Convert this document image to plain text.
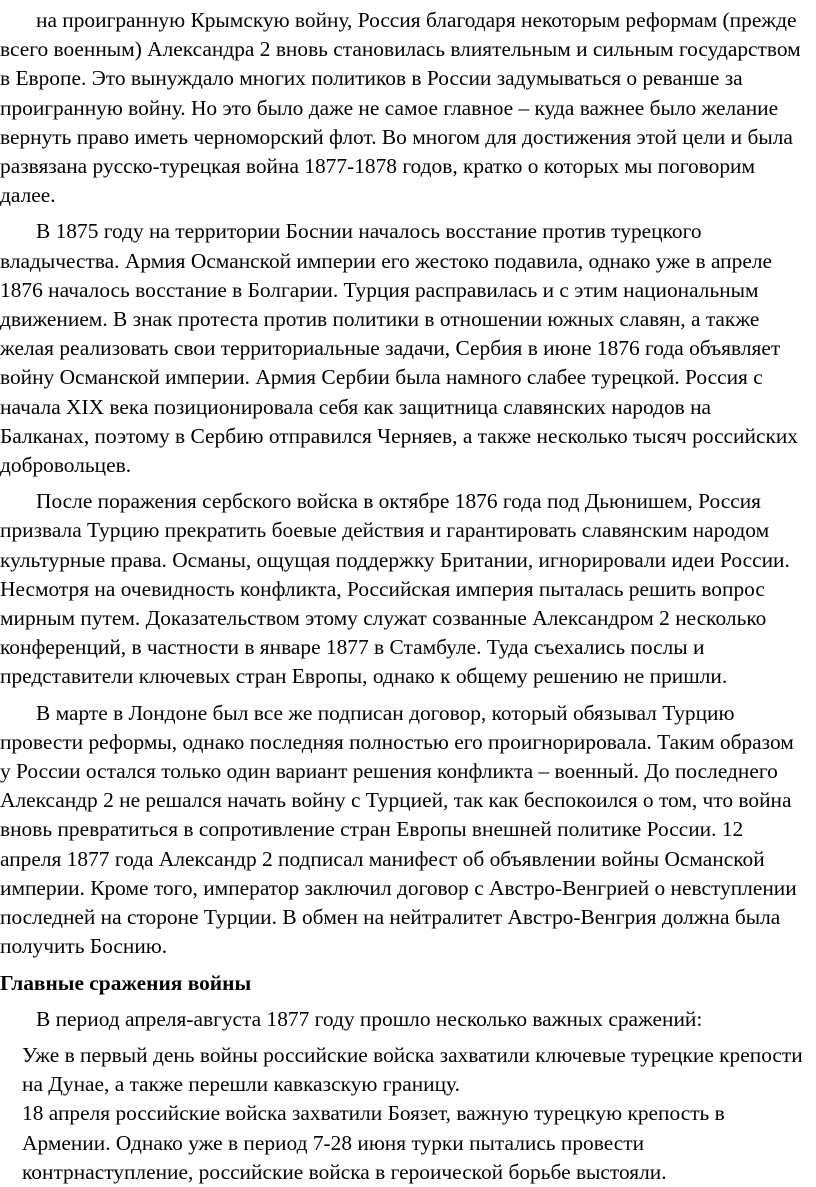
на проигранную Крымскую войну, Россия благодаря некоторым реформам (прежде всего военным) Александра 2 вновь становилась влиятельным и сильным государством в Европе. Это вынуждало многих политиков в России задумываться о реванше за проигранную войну. Но это было даже не самое главное – куда важнее было желание вернуть право иметь черноморский флот. Во многом для достижения этой цели и была развязана русско-турецкая война 1877-1878 годов, кратко о которых мы поговорим далее.

В 1875 году на территории Боснии началось восстание против турецкого владычества. Армия Османской империи его жестоко подавила, однако уже в апреле 1876 началось восстание в Болгарии. Турция расправилась и с этим национальным движением. В знак протеста против политики в отношении южных славян, а также желая реализовать свои территориальные задачи, Сербия в июне 1876 года объявляет войну Османской империи. Армия Сербии была намного слабее турецкой. Россия с начала XIX века позиционировала себя как защитница славянских народов на Балканах, поэтому в Сербию отправился Черняев, а также несколько тысяч российских добровольцев.

После поражения сербского войска в октябре 1876 года под Дьюнишем, Россия призвала Турцию прекратить боевые действия и гарантировать славянским народом культурные права. Османы, ощущая поддержку Британии, игнорировали идеи России. Несмотря на очевидность конфликта, Российская империя пыталась решить вопрос мирным путем. Доказательством этому служат созванные Александром 2 несколько конференций, в частности в январе 1877 в Стамбуле. Туда съехались послы и представители ключевых стран Европы, однако к общему решению не пришли.

В марте в Лондоне был все же подписан договор, который обязывал Турцию провести реформы, однако последняя полностью его проигнорировала. Таким образом у России остался только один вариант решения конфликта – военный. До последнего Александр 2 не решался начать войну с Турцией, так как беспокоился о том, что война вновь превратиться в сопротивление стран Европы внешней политике России. 12 апреля 1877 года Александр 2 подписал манифест об объявлении войны Османской империи. Кроме того, император заключил договор с Австро-Венгрией о невступлении последней на стороне Турции. В обмен на нейтралитет Австро-Венгрия должна была получить Боснию.

Главные сражения войны

В период апреля-августа 1877 году прошло несколько важных сражений:

Уже в первый день войны российские войска захватили ключевые турецкие крепости на Дунае, а также перешли кавказскую границу.
18 апреля российские войска захватили Боязет, важную турецкую крепость в Армении. Однако уже в период 7-28 июня турки пытались провести контрнаступление, российские войска в героической борьбе выстояли.
